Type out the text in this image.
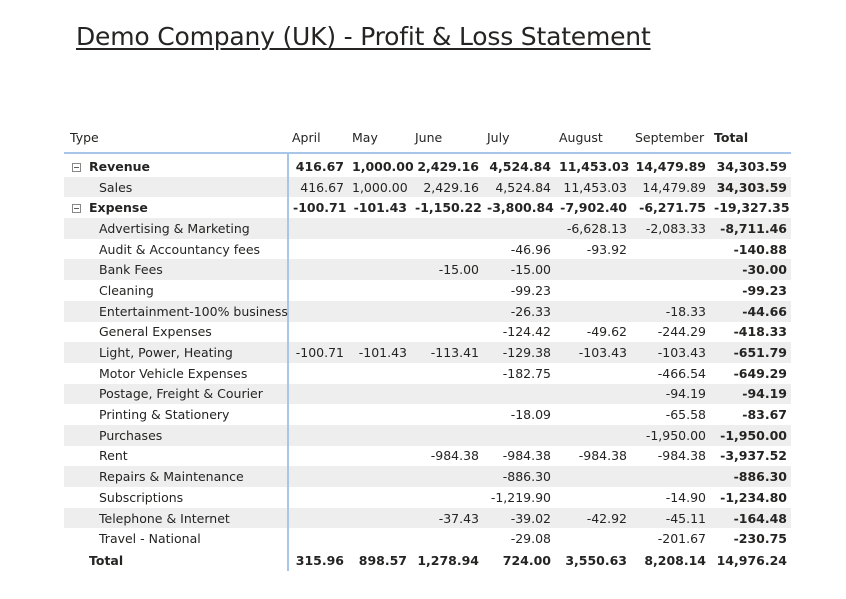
Demo Company (UK) - Profit & Loss Statement
Type	April	May	June	July	August	September	Total
Revenue	416.67	1,000.00	2,429.16	4,524.84	11,453.03	14,479.89	34,303.59
Sales	416.67	1,000.00	2,429.16	4,524.84	11,453.03	14,479.89	34,303.59
Expense	-100.71	-101.43	-1,150.22	-3,800.84	-7,902.40	-6,271.75	-19,327.35
Advertising & Marketing					-6,628.13	-2,083.33	-8,711.46
Audit & Accountancy fees				-46.96	-93.92		-140.88
Bank Fees			-15.00	-15.00			-30.00
Cleaning				-99.23			-99.23
Entertainment-100% business				-26.33		-18.33	-44.66
General Expenses				-124.42	-49.62	-244.29	-418.33
Light, Power, Heating	-100.71	-101.43	-113.41	-129.38	-103.43	-103.43	-651.79
Motor Vehicle Expenses				-182.75		-466.54	-649.29
Postage, Freight & Courier						-94.19	-94.19
Printing & Stationery				-18.09		-65.58	-83.67
Purchases						-1,950.00	-1,950.00
Rent			-984.38	-984.38	-984.38	-984.38	-3,937.52
Repairs & Maintenance				-886.30			-886.30
Subscriptions				-1,219.90		-14.90	-1,234.80
Telephone & Internet			-37.43	-39.02	-42.92	-45.11	-164.48
Travel - National				-29.08		-201.67	-230.75
Total	315.96	898.57	1,278.94	724.00	3,550.63	8,208.14	14,976.24
